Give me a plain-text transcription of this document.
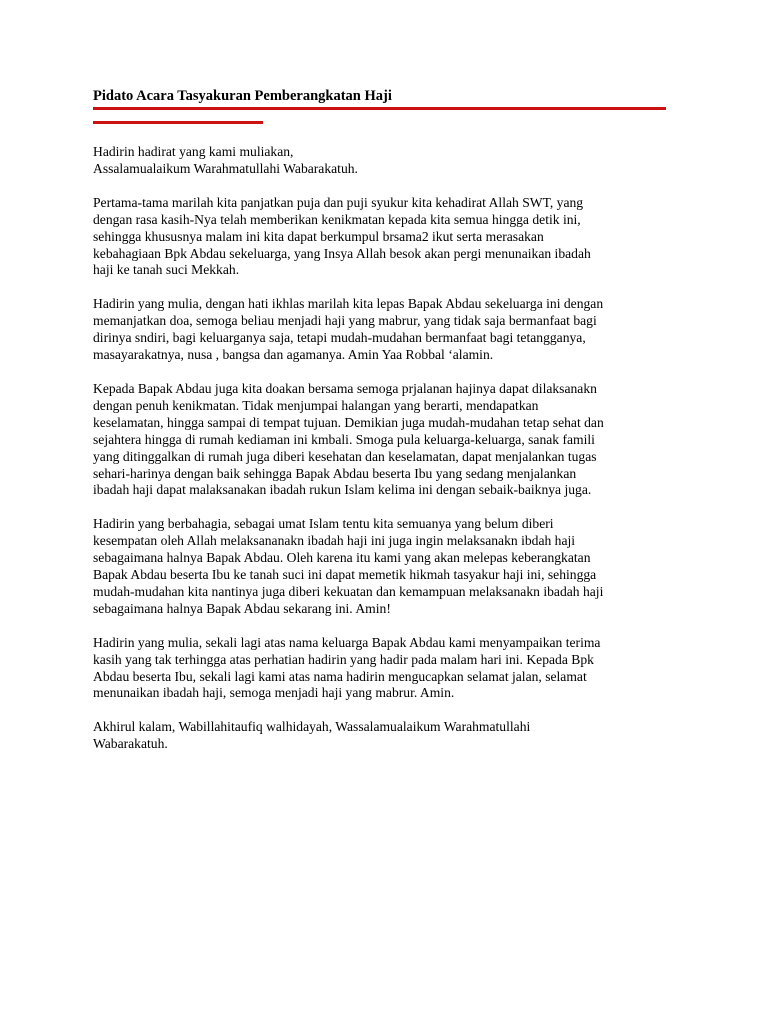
Pidato Acara Tasyakuran Pemberangkatan Haji

Hadirin hadirat yang kami muliakan,
Assalamualaikum Warahmatullahi Wabarakatuh.

Pertama-tama marilah kita panjatkan puja dan puji syukur kita kehadirat Allah SWT, yang
dengan rasa kasih-Nya telah memberikan kenikmatan kepada kita semua hingga detik ini,
sehingga khususnya malam ini kita dapat berkumpul brsama2 ikut serta merasakan
kebahagiaan Bpk Abdau sekeluarga, yang Insya Allah besok akan pergi menunaikan ibadah
haji ke tanah suci Mekkah.

Hadirin yang mulia, dengan hati ikhlas marilah kita lepas Bapak Abdau sekeluarga ini dengan
memanjatkan doa, semoga beliau menjadi haji yang mabrur, yang tidak saja bermanfaat bagi
dirinya sndiri, bagi keluarganya saja, tetapi mudah-mudahan bermanfaat bagi tetangganya,
masayarakatnya, nusa , bangsa dan agamanya. Amin Yaa Robbal ‘alamin.

Kepada Bapak Abdau juga kita doakan bersama semoga prjalanan hajinya dapat dilaksanakn
dengan penuh kenikmatan. Tidak menjumpai halangan yang berarti, mendapatkan
keselamatan, hingga sampai di tempat tujuan. Demikian juga mudah-mudahan tetap sehat dan
sejahtera hingga di rumah kediaman ini kmbali. Smoga pula keluarga-keluarga, sanak famili
yang ditinggalkan di rumah juga diberi kesehatan dan keselamatan, dapat menjalankan tugas
sehari-harinya dengan baik sehingga Bapak Abdau beserta Ibu yang sedang menjalankan
ibadah haji dapat malaksanakan ibadah rukun Islam kelima ini dengan sebaik-baiknya juga.

Hadirin yang berbahagia, sebagai umat Islam tentu kita semuanya yang belum diberi
kesempatan oleh Allah melaksananakn ibadah haji ini juga ingin melaksanakn ibdah haji
sebagaimana halnya Bapak Abdau. Oleh karena itu kami yang akan melepas keberangkatan
Bapak Abdau beserta Ibu ke tanah suci ini dapat memetik hikmah tasyakur haji ini, sehingga
mudah-mudahan kita nantinya juga diberi kekuatan dan kemampuan melaksanakn ibadah haji
sebagaimana halnya Bapak Abdau sekarang ini. Amin!

Hadirin yang mulia, sekali lagi atas nama keluarga Bapak Abdau kami menyampaikan terima
kasih yang tak terhingga atas perhatian hadirin yang hadir pada malam hari ini. Kepada Bpk
Abdau beserta Ibu, sekali lagi kami atas nama hadirin mengucapkan selamat jalan, selamat
menunaikan ibadah haji, semoga menjadi haji yang mabrur. Amin.

Akhirul kalam, Wabillahitaufiq walhidayah, Wassalamualaikum Warahmatullahi
Wabarakatuh.
